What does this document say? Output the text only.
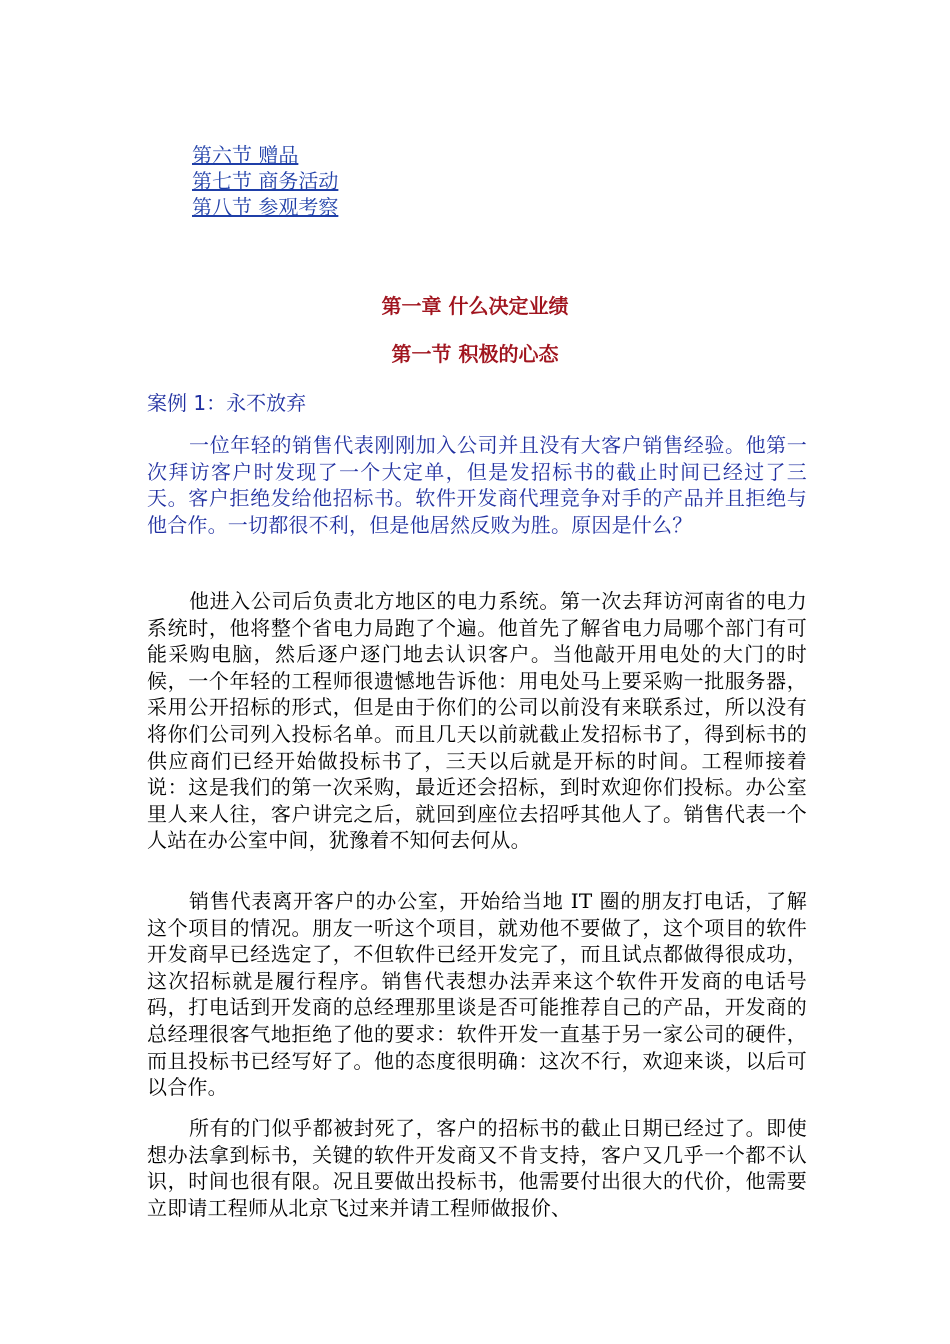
第六节 赠品
第七节 商务活动
第八节 参观考察
第一章 什么决定业绩
第一节 积极的心态
案例 1：永不放弃

一位年轻的销售代表刚刚加入公司并且没有大客户销售经验。他第一次拜访客户时发现了一个大定单，但是发招标书的截止时间已经过了三天。客户拒绝发给他招标书。软件开发商代理竞争对手的产品并且拒绝与他合作。一切都很不利，但是他居然反败为胜。原因是什么？

他进入公司后负责北方地区的电力系统。第一次去拜访河南省的电力系统时，他将整个省电力局跑了个遍。他首先了解省电力局哪个部门有可能采购电脑，然后逐户逐门地去认识客户。当他敲开用电处的大门的时候，一个年轻的工程师很遗憾地告诉他：用电处马上要采购一批服务器，采用公开招标的形式，但是由于你们的公司以前没有来联系过，所以没有将你们公司列入投标名单。而且几天以前就截止发招标书了，得到标书的供应商们已经开始做投标书了，三天以后就是开标的时间。工程师接着说：这是我们的第一次采购，最近还会招标，到时欢迎你们投标。办公室里人来人往，客户讲完之后，就回到座位去招呼其他人了。销售代表一个人站在办公室中间，犹豫着不知何去何从。

销售代表离开客户的办公室，开始给当地 IT 圈的朋友打电话，了解这个项目的情况。朋友一听这个项目，就劝他不要做了，这个项目的软件开发商早已经选定了，不但软件已经开发完了，而且试点都做得很成功，这次招标就是履行程序。销售代表想办法弄来这个软件开发商的电话号码，打电话到开发商的总经理那里谈是否可能推荐自己的产品，开发商的总经理很客气地拒绝了他的要求：软件开发一直基于另一家公司的硬件，而且投标书已经写好了。他的态度很明确：这次不行，欢迎来谈，以后可以合作。

所有的门似乎都被封死了，客户的招标书的截止日期已经过了。即使想办法拿到标书，关键的软件开发商又不肯支持，客户又几乎一个都不认识，时间也很有限。况且要做出投标书，他需要付出很大的代价，他需要立即请工程师从北京飞过来并请工程师做报价、
